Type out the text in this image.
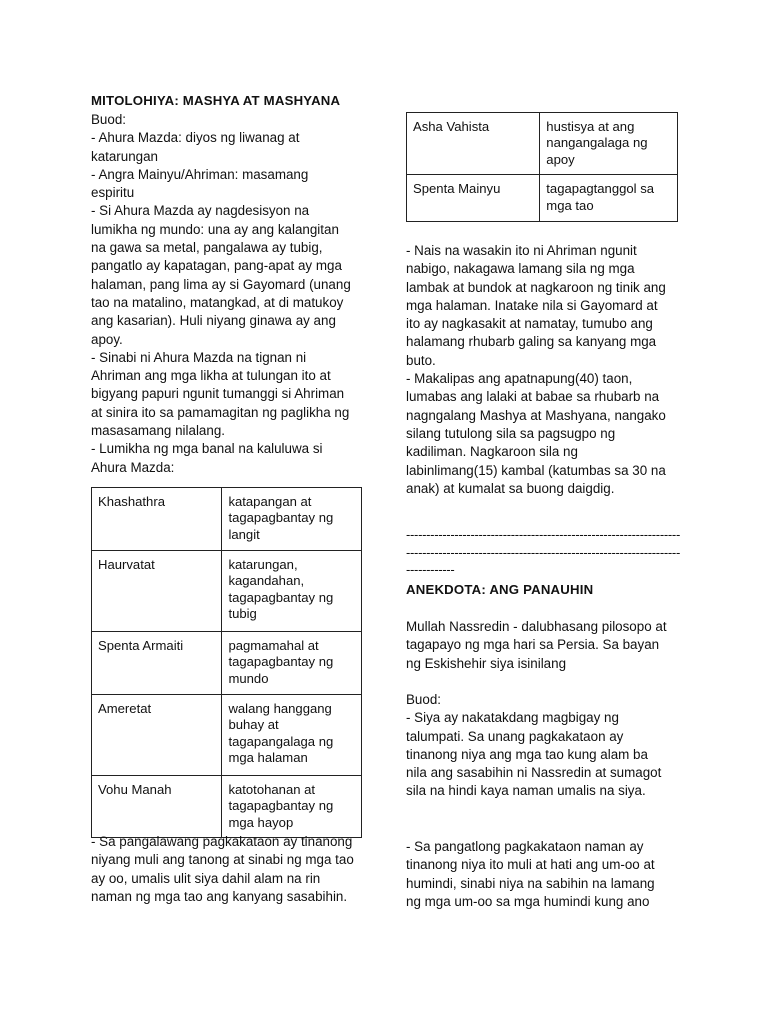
MITOLOHIYA: MASHYA AT MASHYANA
Buod:
- Ahura Mazda: diyos ng liwanag at
katarungan
- Angra Mainyu/Ahriman: masamang
espiritu
- Si Ahura Mazda ay nagdesisyon na
lumikha ng mundo: una ay ang kalangitan
na gawa sa metal, pangalawa ay tubig,
pangatlo ay kapatagan, pang-apat ay mga
halaman, pang lima ay si Gayomard (unang
tao na matalino, matangkad, at di matukoy
ang kasarian). Huli niyang ginawa ay ang
apoy.
- Sinabi ni Ahura Mazda na tignan ni
Ahriman ang mga likha at tulungan ito at
bigyang papuri ngunit tumanggi si Ahriman
at sinira ito sa pamamagitan ng paglikha ng
masasamang nilalang.
- Lumikha ng mga banal na kaluluwa si
Ahura Mazda:
Khashathra	katapangan at
tagapagbantay ng
langit
Haurvatat	katarungan,
kagandahan,
tagapagbantay ng
tubig
Spenta Armaiti	pagmamahal at
tagapagbantay ng
mundo
Ameretat	walang hanggang
buhay at
tagapangalaga ng
mga halaman
Vohu Manah	katotohanan at
tagapagbantay ng
mga hayop
- Sa pangalawang pagkakataon ay tinanong
niyang muli ang tanong at sinabi ng mga tao
ay oo, umalis ulit siya dahil alam na rin
naman ng mga tao ang kanyang sasabihin.
Asha Vahista	hustisya at ang
nangangalaga ng
apoy
Spenta Mainyu	tagapagtanggol sa
mga tao
- Nais na wasakin ito ni Ahriman ngunit
nabigo, nakagawa lamang sila ng mga
lambak at bundok at nagkaroon ng tinik ang
mga halaman. Inatake nila si Gayomard at
ito ay nagkasakit at namatay, tumubo ang
halamang rhubarb galing sa kanyang mga
buto.
- Makalipas ang apatnapung(40) taon,
lumabas ang lalaki at babae sa rhubarb na
nagngalang Mashya at Mashyana, nangako
silang tutulong sila sa pagsugpo ng
kadiliman. Nagkaroon sila ng
labinlimang(15) kambal (katumbas sa 30 na
anak) at kumalat sa buong daigdig.
----------------------------------------------------------------------------------------------------------------------------------------------------
ANEKDOTA: ANG PANAUHIN
Mullah Nassredin - dalubhasang pilosopo at
tagapayo ng mga hari sa Persia. Sa bayan
ng Eskishehir siya isinilang
Buod:
- Siya ay nakatakdang magbigay ng
talumpati. Sa unang pagkakataon ay
tinanong niya ang mga tao kung alam ba
nila ang sasabihin ni Nassredin at sumagot
sila na hindi kaya naman umalis na siya.
- Sa pangatlong pagkakataon naman ay
tinanong niya ito muli at hati ang um-oo at
humindi, sinabi niya na sabihin na lamang
ng mga um-oo sa mga humindi kung ano
